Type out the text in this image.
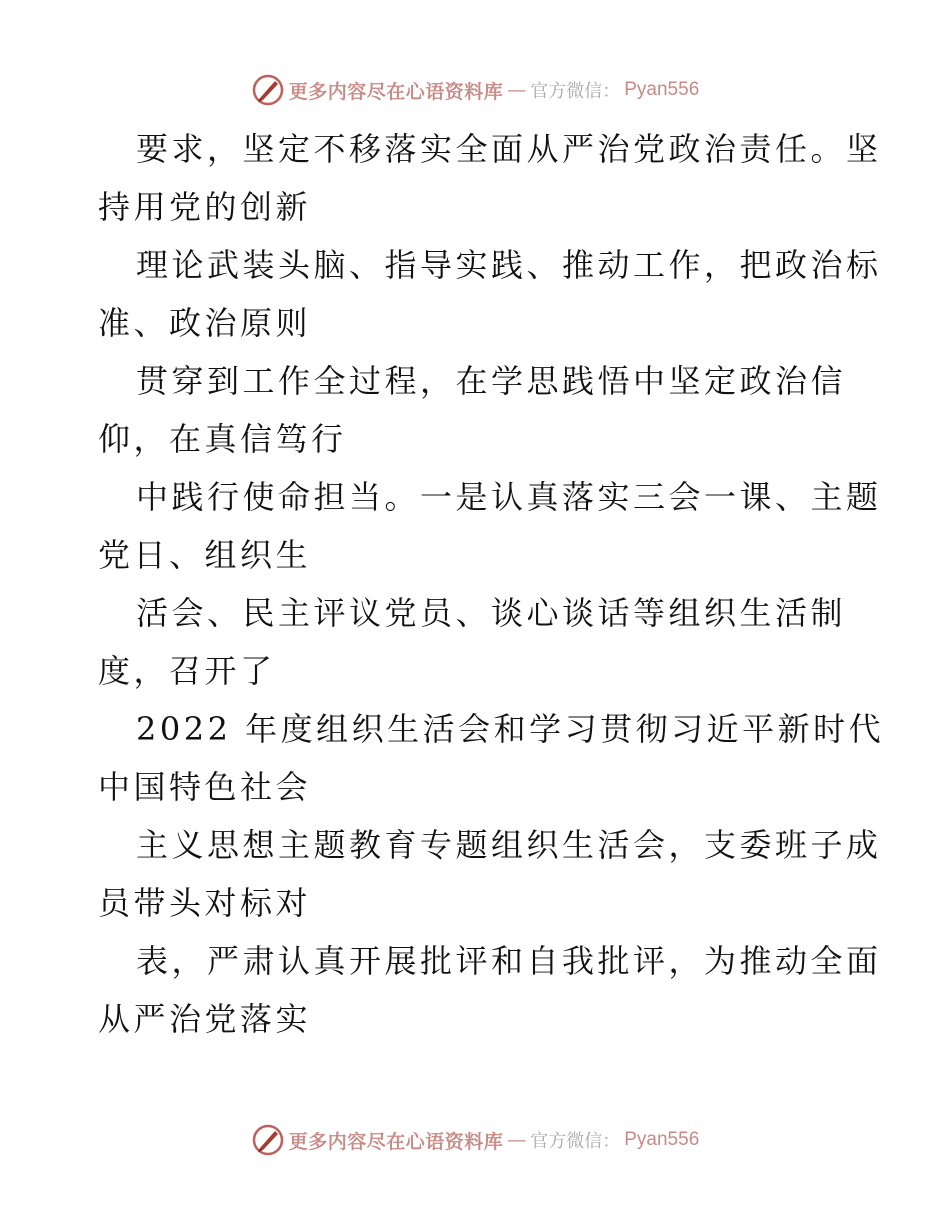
更多内容尽在心语资料库 — 官方微信： Pyan556
要求，坚定不移落实全面从严治党政治责任。坚
持用党的创新
理论武装头脑、指导实践、推动工作，把政治标
准、政治原则
贯穿到工作全过程，在学思践悟中坚定政治信
仰，在真信笃行
中践行使命担当。一是认真落实三会一课、主题
党日、组织生
活会、民主评议党员、谈心谈话等组织生活制
度，召开了
2022 年度组织生活会和学习贯彻习近平新时代
中国特色社会
主义思想主题教育专题组织生活会，支委班子成
员带头对标对
表，严肃认真开展批评和自我批评，为推动全面
从严治党落实
更多内容尽在心语资料库 — 官方微信： Pyan556
